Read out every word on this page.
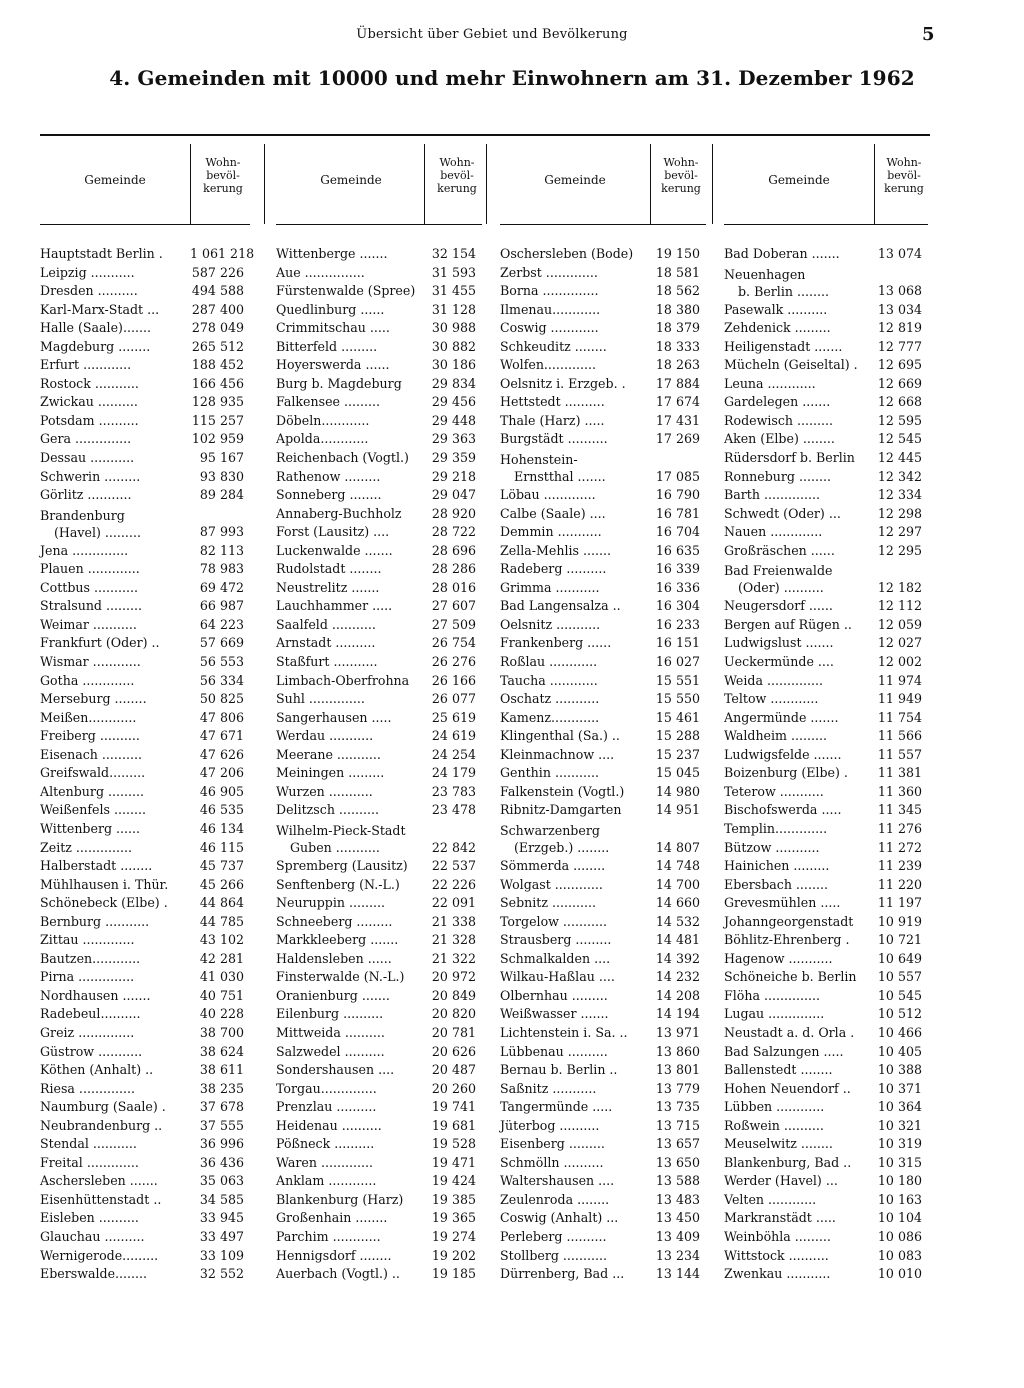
Übersicht über Gebiet und Bevölkerung	5
4. Gemeinden mit 10000 und mehr Einwohnern am 31. Dezember 1962
Gemeinde
Wohn-
bevöl-
kerung
Hauptstadt Berlin .	1 061 218
Leipzig ...........	587 226
Dresden ..........	494 588
Karl-Marx-Stadt ...	287 400
Halle (Saale).......	278 049
Magdeburg ........	265 512
Erfurt ............	188 452
Rostock ...........	166 456
Zwickau ..........	128 935
Potsdam ..........	115 257
Gera ..............	102 959
Dessau ...........	95 167
Schwerin .........	93 830
Görlitz ...........	89 284
Brandenburg
(Havel) .........	87 993
Jena ..............	82 113
Plauen .............	78 983
Cottbus ...........	69 472
Stralsund .........	66 987
Weimar ...........	64 223
Frankfurt (Oder) ..	57 669
Wismar ............	56 553
Gotha .............	56 334
Merseburg ........	50 825
Meißen............	47 806
Freiberg ..........	47 671
Eisenach ..........	47 626
Greifswald.........	47 206
Altenburg .........	46 905
Weißenfels ........	46 535
Wittenberg ......	46 134
Zeitz ..............	46 115
Halberstadt ........	45 737
Mühlhausen i. Thür.	45 266
Schönebeck (Elbe) .	44 864
Bernburg ...........	44 785
Zittau .............	43 102
Bautzen............	42 281
Pirna ..............	41 030
Nordhausen .......	40 751
Radebeul..........	40 228
Greiz ..............	38 700
Güstrow ...........	38 624
Köthen (Anhalt) ..	38 611
Riesa ..............	38 235
Naumburg (Saale) .	37 678
Neubrandenburg ..	37 555
Stendal ...........	36 996
Freital .............	36 436
Aschersleben .......	35 063
Eisenhüttenstadt ..	34 585
Eisleben ..........	33 945
Glauchau ..........	33 497
Wernigerode.........	33 109
Eberswalde........	32 552
Gemeinde
Wohn-
bevöl-
kerung
Wittenberge .......	32 154
Aue ...............	31 593
Fürstenwalde (Spree)	31 455
Quedlinburg ......	31 128
Crimmitschau .....	30 988
Bitterfeld .........	30 882
Hoyerswerda ......	30 186
Burg b. Magdeburg	29 834
Falkensee .........	29 456
Döbeln............	29 448
Apolda............	29 363
Reichenbach (Vogtl.)	29 359
Rathenow .........	29 218
Sonneberg ........	29 047
Annaberg-Buchholz	28 920
Forst (Lausitz) ....	28 722
Luckenwalde .......	28 696
Rudolstadt ........	28 286
Neustrelitz .......	28 016
Lauchhammer .....	27 607
Saalfeld ...........	27 509
Arnstadt ..........	26 754
Staßfurt ...........	26 276
Limbach-Oberfrohna	26 166
Suhl ..............	26 077
Sangerhausen .....	25 619
Werdau ...........	24 619
Meerane ...........	24 254
Meiningen .........	24 179
Wurzen ...........	23 783
Delitzsch ..........	23 478
Wilhelm-Pieck-Stadt
Guben ...........	22 842
Spremberg (Lausitz)	22 537
Senftenberg (N.-L.)	22 226
Neuruppin .........	22 091
Schneeberg .........	21 338
Markkleeberg .......	21 328
Haldensleben ......	21 322
Finsterwalde (N.-L.)	20 972
Oranienburg .......	20 849
Eilenburg ..........	20 820
Mittweida ..........	20 781
Salzwedel ..........	20 626
Sondershausen ....	20 487
Torgau..............	20 260
Prenzlau ..........	19 741
Heidenau ..........	19 681
Pößneck ..........	19 528
Waren .............	19 471
Anklam ............	19 424
Blankenburg (Harz)	19 385
Großenhain ........	19 365
Parchim ............	19 274
Hennigsdorf ........	19 202
Auerbach (Vogtl.) ..	19 185
Gemeinde
Wohn-
bevöl-
kerung
Oschersleben (Bode)	19 150
Zerbst .............	18 581
Borna ..............	18 562
Ilmenau............	18 380
Coswig ............	18 379
Schkeuditz ........	18 333
Wolfen.............	18 263
Oelsnitz i. Erzgeb. .	17 884
Hettstedt ..........	17 674
Thale (Harz) .....	17 431
Burgstädt ..........	17 269
Hohenstein-
Ernstthal .......	17 085
Löbau .............	16 790
Calbe (Saale) ....	16 781
Demmin ...........	16 704
Zella-Mehlis .......	16 635
Radeberg ..........	16 339
Grimma ...........	16 336
Bad Langensalza ..	16 304
Oelsnitz ...........	16 233
Frankenberg ......	16 151
Roßlau ............	16 027
Taucha ............	15 551
Oschatz ...........	15 550
Kamenz............	15 461
Klingenthal (Sa.) ..	15 288
Kleinmachnow ....	15 237
Genthin ...........	15 045
Falkenstein (Vogtl.)	14 980
Ribnitz-Damgarten	14 951
Schwarzenberg
(Erzgeb.) ........	14 807
Sömmerda ........	14 748
Wolgast ............	14 700
Sebnitz ...........	14 660
Torgelow ...........	14 532
Strausberg .........	14 481
Schmalkalden ....	14 392
Wilkau-Haßlau ....	14 232
Olbernhau .........	14 208
Weißwasser .......	14 194
Lichtenstein i. Sa. ..	13 971
Lübbenau ..........	13 860
Bernau b. Berlin ..	13 801
Saßnitz ...........	13 779
Tangermünde .....	13 735
Jüterbog ..........	13 715
Eisenberg .........	13 657
Schmölln ..........	13 650
Waltershausen ....	13 588
Zeulenroda ........	13 483
Coswig (Anhalt) ...	13 450
Perleberg ..........	13 409
Stollberg ...........	13 234
Dürrenberg, Bad ...	13 144
Gemeinde
Wohn-
bevöl-
kerung
Bad Doberan .......	13 074
Neuenhagen
b. Berlin ........	13 068
Pasewalk ..........	13 034
Zehdenick .........	12 819
Heiligenstadt .......	12 777
Mücheln (Geiseltal) .	12 695
Leuna ............	12 669
Gardelegen .......	12 668
Rodewisch .........	12 595
Aken (Elbe) ........	12 545
Rüdersdorf b. Berlin	12 445
Ronneburg ........	12 342
Barth ..............	12 334
Schwedt (Oder) ...	12 298
Nauen .............	12 297
Großräschen ......	12 295
Bad Freienwalde
(Oder) ..........	12 182
Neugersdorf ......	12 112
Bergen auf Rügen ..	12 059
Ludwigslust .......	12 027
Ueckermünde ....	12 002
Weida ..............	11 974
Teltow ............	11 949
Angermünde .......	11 754
Waldheim .........	11 566
Ludwigsfelde .......	11 557
Boizenburg (Elbe) .	11 381
Teterow ...........	11 360
Bischofswerda .....	11 345
Templin.............	11 276
Bützow ...........	11 272
Hainichen .........	11 239
Ebersbach ........	11 220
Grevesmühlen .....	11 197
Johanngeorgenstadt	10 919
Böhlitz-Ehrenberg .	10 721
Hagenow ...........	10 649
Schöneiche b. Berlin	10 557
Flöha ..............	10 545
Lugau ..............	10 512
Neustadt a. d. Orla .	10 466
Bad Salzungen .....	10 405
Ballenstedt ........	10 388
Hohen Neuendorf ..	10 371
Lübben ............	10 364
Roßwein ..........	10 321
Meuselwitz ........	10 319
Blankenburg, Bad ..	10 315
Werder (Havel) ...	10 180
Velten ............	10 163
Markranstädt .....	10 104
Weinböhla .........	10 086
Wittstock ..........	10 083
Zwenkau ...........	10 010
